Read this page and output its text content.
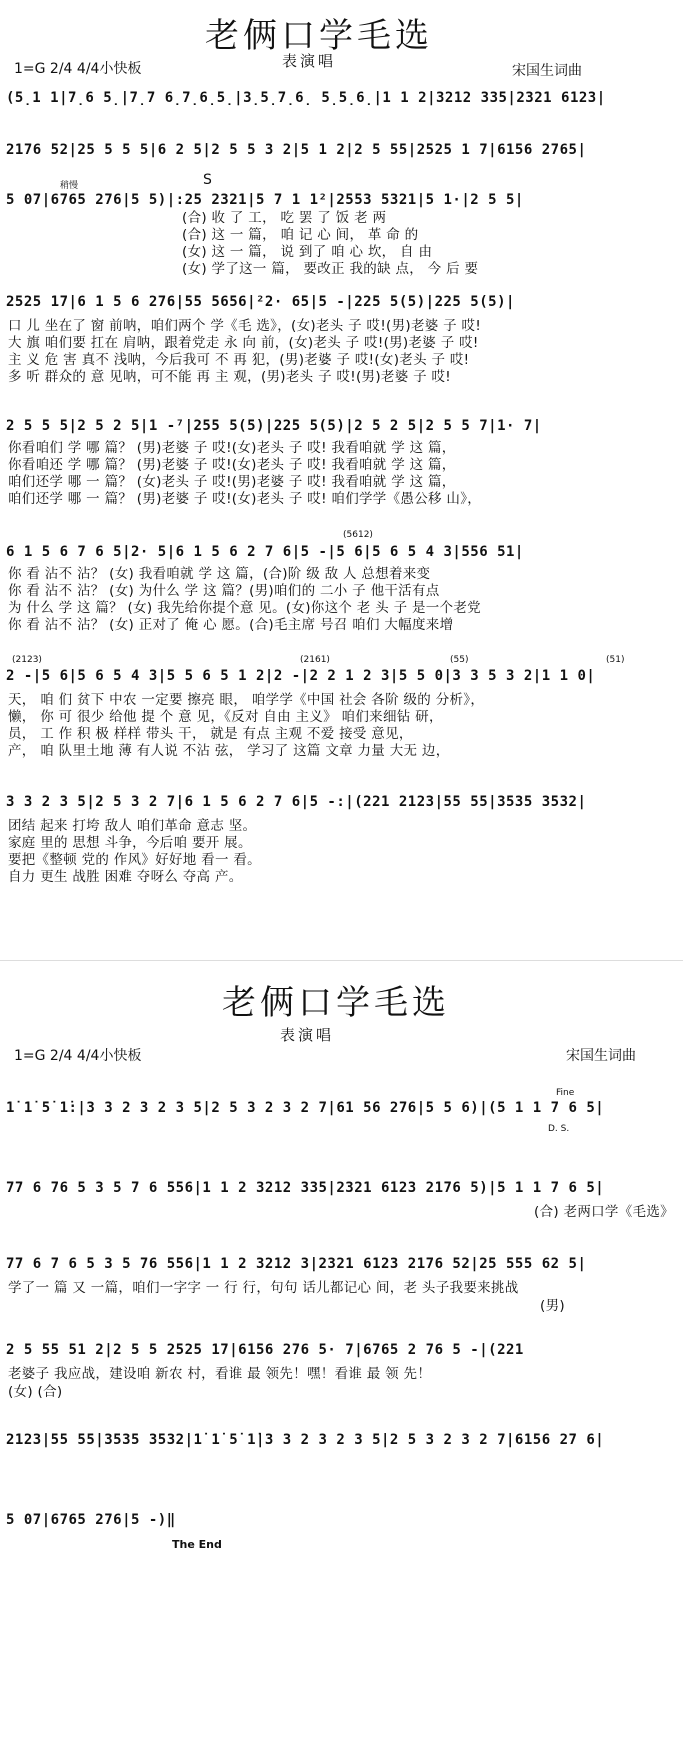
老俩口学毛选
表演唱
1=G 2/4 4/4小快板	宋国生词曲
(5̣1 1|7̣6 5̣|7̣7 6̣7̣6̣5̣|3̣5̣7̣6̣ 5̣5̣6̣|1 1 2|3212 335|2321 6123|
2176 52|25 5 5 5|6 2 5|2 5 5 3 2|5 1 2|2 5 55|2525 1 7|6156 2765|
稍慢	S
5 07|6765 276|5 5)|:25 2321|5 7 1 1²|2553 5321|5 1·|2 5 5|
(合) 收 了 工， 吃 罢 了 饭 老 两
(合) 这 一 篇， 咱 记 心 间， 革 命 的
(女) 这 一 篇， 说 到了 咱 心 坎， 自 由
(女) 学了这一 篇， 要改正 我的缺 点， 今 后 要
2525 17|6 1 5 6 276|55 5656|²2· 65|5 -|225 5(5)|225 5(5)|
口 儿 坐在了 窗 前呐，咱们两个 学《毛 选》，(女)老头 子 哎!(男)老婆 子 哎!
大 旗 咱们要 扛在 肩呐，跟着党走 永 向 前，(女)老头 子 哎!(男)老婆 子 哎!
主 义 危 害 真不 浅呐，今后我可 不 再 犯，(男)老婆 子 哎!(女)老头 子 哎!
多 听 群众的 意 见呐，可不能 再 主 观，(男)老头 子 哎!(男)老婆 子 哎!
2 5 5 5|2 5 2 5|1 -⁷|255 5(5)|225 5(5)|2 5 2 5|2 5 5 7|1· 7|
你看咱们 学 哪 篇？ (男)老婆 子 哎!(女)老头 子 哎! 我看咱就 学 这 篇，
你看咱还 学 哪 篇？ (男)老婆 子 哎!(女)老头 子 哎! 我看咱就 学 这 篇，
咱们还学 哪 一 篇？ (女)老头 子 哎!(男)老婆 子 哎! 我看咱就 学 这 篇，
咱们还学 哪 一 篇？ (男)老婆 子 哎!(女)老头 子 哎! 咱们学学《愚公移 山》，
(5612)
6 1 5 6 7 6 5|2· 5|6 1 5 6 2 7 6|5 -|5 6|5 6 5 4 3|556 51|
你 看 沾不 沾？ (女) 我看咱就 学 这 篇，(合)阶 级 敌 人 总想着来变
你 看 沾不 沾？ (女) 为什么 学 这 篇？(男)咱们的 二小 子 他干活有点
为 什么 学 这 篇？ (女) 我先给你提个意 见。(女)你这个 老 头 子 是一个老党
你 看 沾不 沾？ (女) 正对了 俺 心 愿。(合)毛主席 号召 咱们 大幅度来增
(2123)	(2161)	(55)	(51)
2 -|5 6|5 6 5 4 3|5 5 6 5 1 2|2 -|2 2 1 2 3|5 5 0|3 3 5 3 2|1 1 0|
天， 咱 们 贫下 中农 一定要 擦亮 眼， 咱学学《中国 社会 各阶 级的 分析》，
懒， 你 可 很少 给他 提 个 意 见，《反对 自由 主义》 咱们来细钻 研，
员， 工 作 积 极 样样 带头 干， 就是 有点 主观 不爱 接受 意见，
产， 咱 队里土地 薄 有人说 不沾 弦， 学习了 这篇 文章 力量 大无 边，
3 3 2 3 5|2 5 3 2 7|6 1 5 6 2 7 6|5 -:|(221 2123|55 55|3535 3532|
团结 起来 打垮 敌人 咱们革命 意志 坚。
家庭 里的 思想 斗争，今后咱 要开 展。
要把《整顿 党的 作风》好好地 看一 看。
自力 更生 战胜 困难 夺呀么 夺高 产。
老俩口学毛选
表演唱
1=G 2/4 4/4小快板	宋国生词曲
Fine
1̇ 1̇ 5̇ 1̇:|3 3 2 3 2 3 5|2 5 3 2 3 2 7|61 56 276|5 5 6)|(5 1 1 7 6 5|
D. S.
77 6 76 5 3 5 7 6 556|1 1 2 3212 335|2321 6123 2176 5)|5 1 1 7 6 5|
(合) 老两口学《毛选》
77 6 7 6 5 3 5 76 556|1 1 2 3212 3|2321 6123 2176 52|25 555 62 5|
学了一 篇 又 一篇，咱们一字字 一 行 行，句句 话儿都记心 间，老 头子我要来挑战
(男)
2 5 55 51 2|2 5 5 2525 17|6156 276 5· 7|6765 2 76 5 -|(221
老婆子 我应战，建设咱 新农 村，看谁 最 领先！嘿！看谁 最 领 先！
(女) (合)
2123|55 55|3535 3532|1̇ 1̇ 5̇ 1̇|3 3 2 3 2 3 5|2 5 3 2 3 2 7|6156 27 6|
5 07|6765 276|5 -)‖
The End
